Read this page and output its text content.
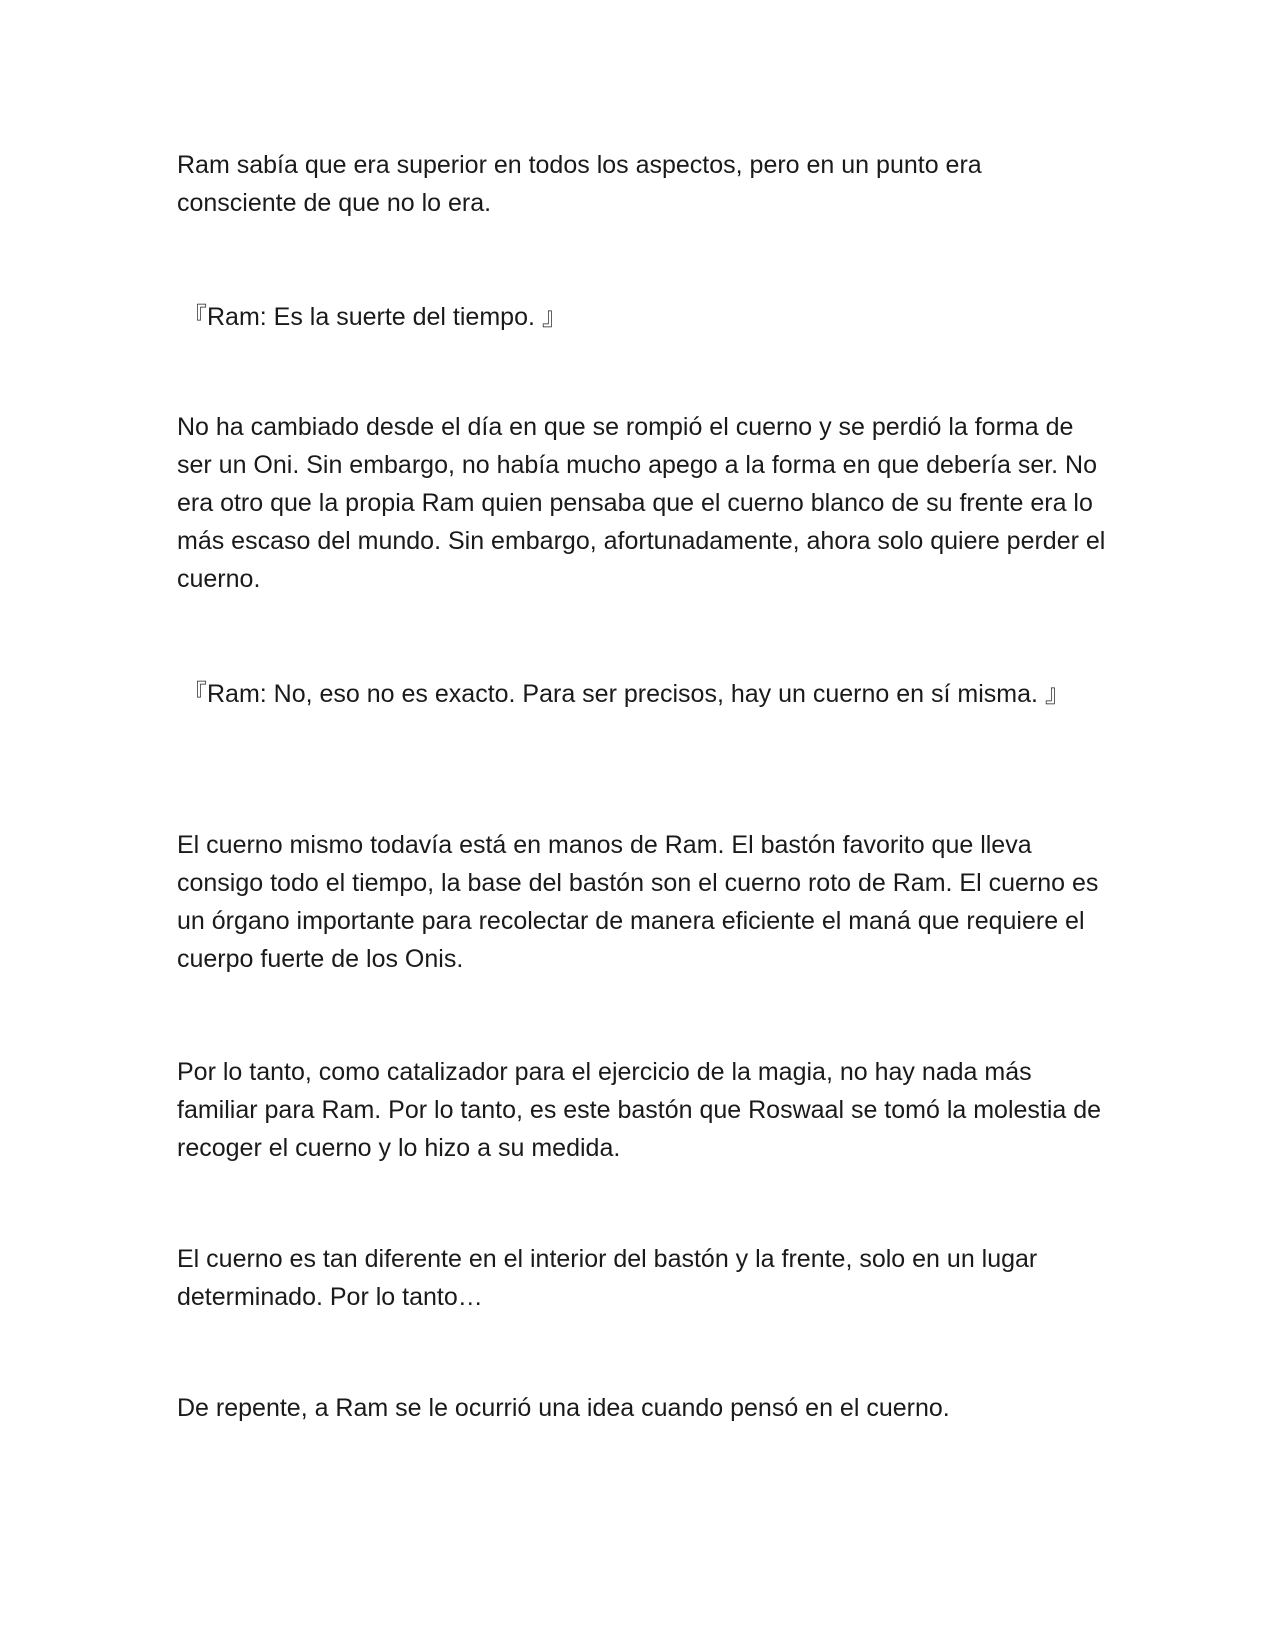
Ram sabía que era superior en todos los aspectos, pero en un punto era consciente de que no lo era.

『Ram: Es la suerte del tiempo. 』

No ha cambiado desde el día en que se rompió el cuerno y se perdió la forma de ser un Oni. Sin embargo, no había mucho apego a la forma en que debería ser. No era otro que la propia Ram quien pensaba que el cuerno blanco de su frente era lo más escaso del mundo. Sin embargo, afortunadamente, ahora solo quiere perder el cuerno.

『Ram: No, eso no es exacto. Para ser precisos, hay un cuerno en sí misma. 』

El cuerno mismo todavía está en manos de Ram. El bastón favorito que lleva consigo todo el tiempo, la base del bastón son el cuerno roto de Ram. El cuerno es un órgano importante para recolectar de manera eficiente el maná que requiere el cuerpo fuerte de los Onis.

Por lo tanto, como catalizador para el ejercicio de la magia, no hay nada más familiar para Ram. Por lo tanto, es este bastón que Roswaal se tomó la molestia de recoger el cuerno y lo hizo a su medida.

El cuerno es tan diferente en el interior del bastón y la frente, solo en un lugar determinado. Por lo tanto…

De repente, a Ram se le ocurrió una idea cuando pensó en el cuerno.
